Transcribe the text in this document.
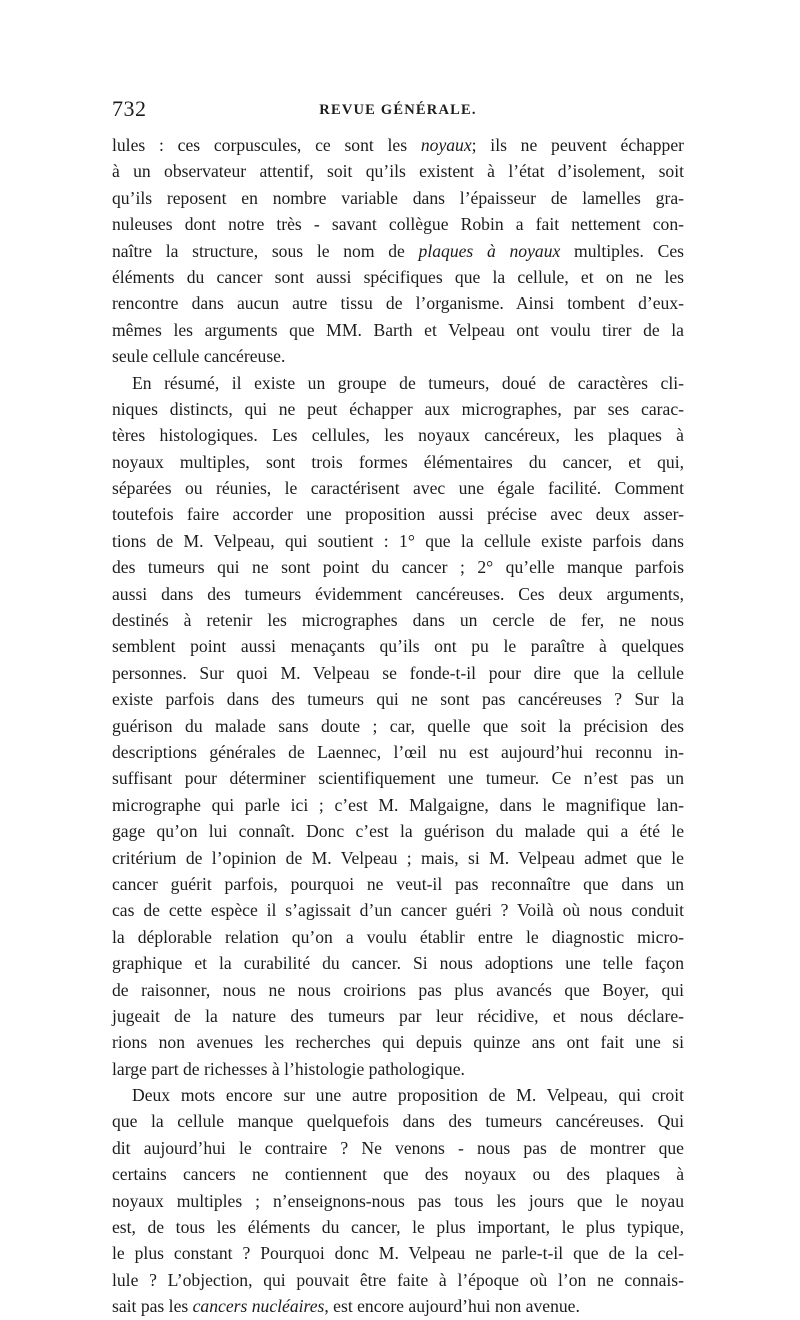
732	REVUE GÉNÉRALE.
lules : ces corpuscules, ce sont les noyaux; ils ne peuvent échapper
à un observateur attentif, soit qu’ils existent à l’état d’isolement, soit
qu’ils reposent en nombre variable dans l’épaisseur de lamelles gra-
nuleuses dont notre très - savant collègue Robin a fait nettement con-
naître la structure, sous le nom de plaques à noyaux multiples. Ces
éléments du cancer sont aussi spécifiques que la cellule, et on ne les
rencontre dans aucun autre tissu de l’organisme. Ainsi tombent d’eux-
mêmes les arguments que MM. Barth et Velpeau ont voulu tirer de la
seule cellule cancéreuse.
En résumé, il existe un groupe de tumeurs, doué de caractères cli-
niques distincts, qui ne peut échapper aux micrographes, par ses carac-
tères histologiques. Les cellules, les noyaux cancéreux, les plaques à
noyaux multiples, sont trois formes élémentaires du cancer, et qui,
séparées ou réunies, le caractérisent avec une égale facilité. Comment
toutefois faire accorder une proposition aussi précise avec deux asser-
tions de M. Velpeau, qui soutient : 1° que la cellule existe parfois dans
des tumeurs qui ne sont point du cancer ; 2° qu’elle manque parfois
aussi dans des tumeurs évidemment cancéreuses. Ces deux arguments,
destinés à retenir les micrographes dans un cercle de fer, ne nous
semblent point aussi menaçants qu’ils ont pu le paraître à quelques
personnes. Sur quoi M. Velpeau se fonde-t-il pour dire que la cellule
existe parfois dans des tumeurs qui ne sont pas cancéreuses ? Sur la
guérison du malade sans doute ; car, quelle que soit la précision des
descriptions générales de Laennec, l’œil nu est aujourd’hui reconnu in-
suffisant pour déterminer scientifiquement une tumeur. Ce n’est pas un
micrographe qui parle ici ; c’est M. Malgaigne, dans le magnifique lan-
gage qu’on lui connaît. Donc c’est la guérison du malade qui a été le
critérium de l’opinion de M. Velpeau ; mais, si M. Velpeau admet que le
cancer guérit parfois, pourquoi ne veut-il pas reconnaître que dans un
cas de cette espèce il s’agissait d’un cancer guéri ? Voilà où nous conduit
la déplorable relation qu’on a voulu établir entre le diagnostic micro-
graphique et la curabilité du cancer. Si nous adoptions une telle façon
de raisonner, nous ne nous croirions pas plus avancés que Boyer, qui
jugeait de la nature des tumeurs par leur récidive, et nous déclare-
rions non avenues les recherches qui depuis quinze ans ont fait une si
large part de richesses à l’histologie pathologique.
Deux mots encore sur une autre proposition de M. Velpeau, qui croit
que la cellule manque quelquefois dans des tumeurs cancéreuses. Qui
dit aujourd’hui le contraire ? Ne venons - nous pas de montrer que
certains cancers ne contiennent que des noyaux ou des plaques à
noyaux multiples ; n’enseignons-nous pas tous les jours que le noyau
est, de tous les éléments du cancer, le plus important, le plus typique,
le plus constant ? Pourquoi donc M. Velpeau ne parle-t-il que de la cel-
lule ? L’objection, qui pouvait être faite à l’époque où l’on ne connais-
sait pas les cancers nucléaires, est encore aujourd’hui non avenue.
